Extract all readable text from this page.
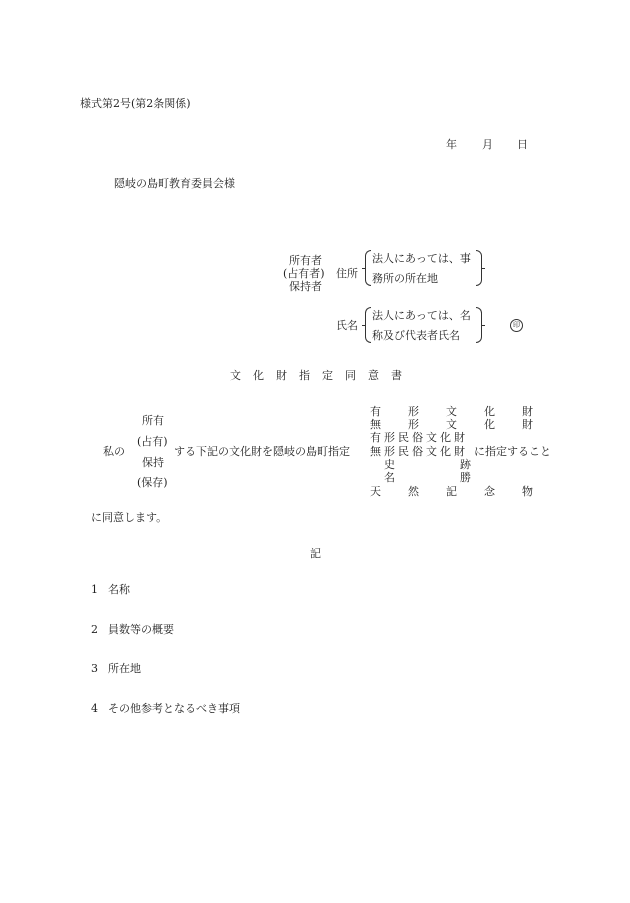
様式第2号(第2条関係)
年 月 日
隠岐の島町教育委員会様
所有者
(占有者)
保持者
住所
法人にあっては、事
務所の所在地
氏名
法人にあっては、名
称及び代表者氏名
印
文化財指定同意書
私の
所有
(占有)
保持
(保存)
する下記の文化財を隠岐の島町指定
有　形　文　化　財
無　形　文　化　財
有形民俗文化財
無形民俗文化財
史　　　跡
名　　　勝
天　然　記　念　物
に指定すること
に同意します。
記
1 名称
2 員数等の概要
3 所在地
4 その他参考となるべき事項
